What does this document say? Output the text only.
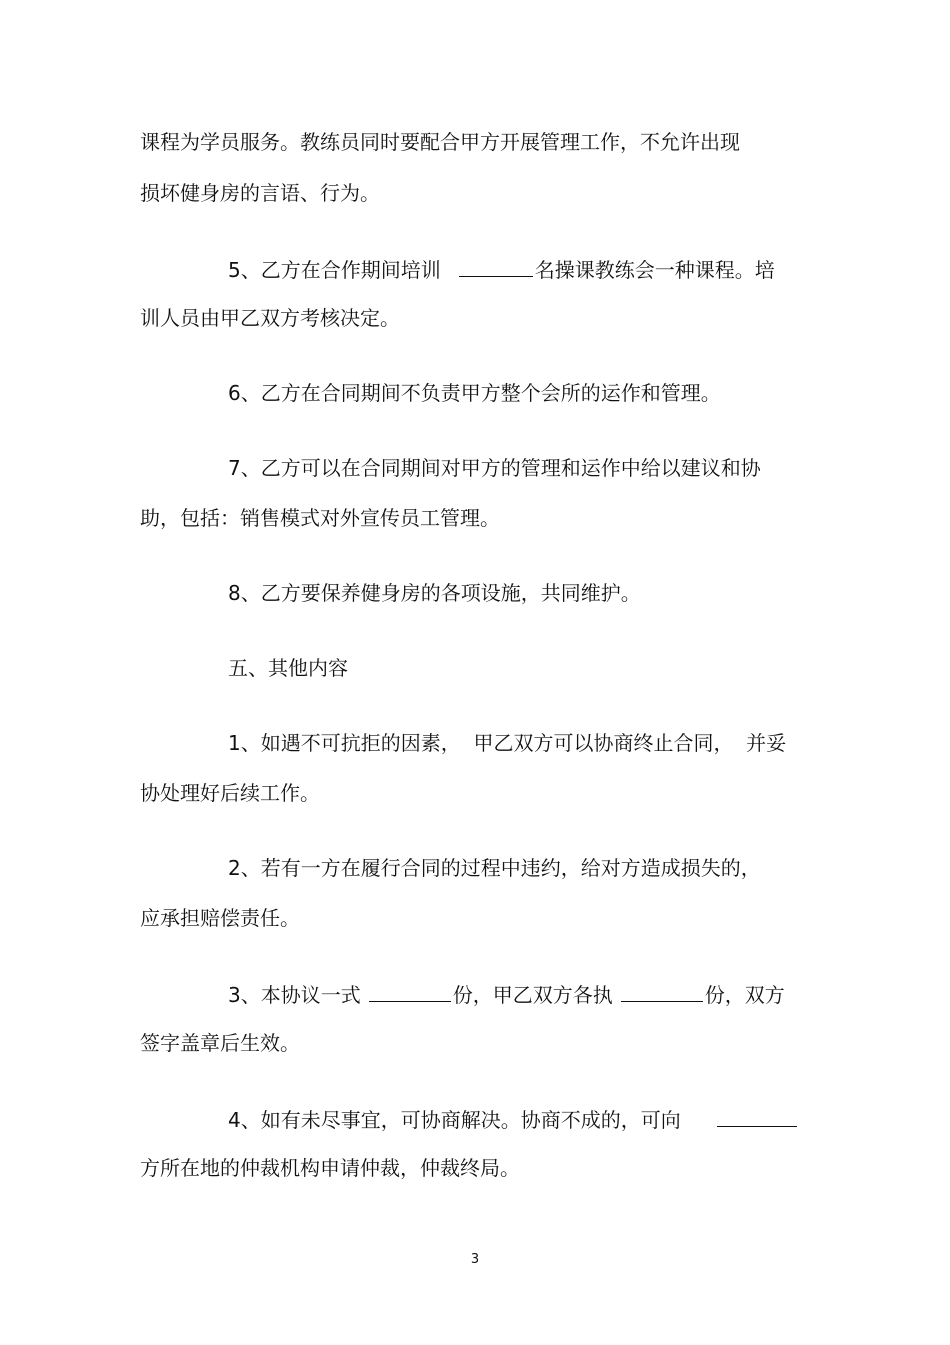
课程为学员服务。教练员同时要配合甲方开展管理工作，不允许出现
损坏健身房的言语、行为。
5、乙方在合作期间培训	名操课教练会一种课程。培
训人员由甲乙双方考核决定。
6、乙方在合同期间不负责甲方整个会所的运作和管理。
7、乙方可以在合同期间对甲方的管理和运作中给以建议和协
助，包括：销售模式对外宣传员工管理。
8、乙方要保养健身房的各项设施，共同维护。
五、其他内容
1、如遇不可抗拒的因素，  甲乙双方可以协商终止合同，  并妥
协处理好后续工作。
2、若有一方在履行合同的过程中违约，给对方造成损失的，
应承担赔偿责任。
3、本协议一式	份，甲乙双方各执	份，双方
签字盖章后生效。
4、如有未尽事宜，可协商解决。协商不成的，可向
方所在地的仲裁机构申请仲裁，仲裁终局。
3
